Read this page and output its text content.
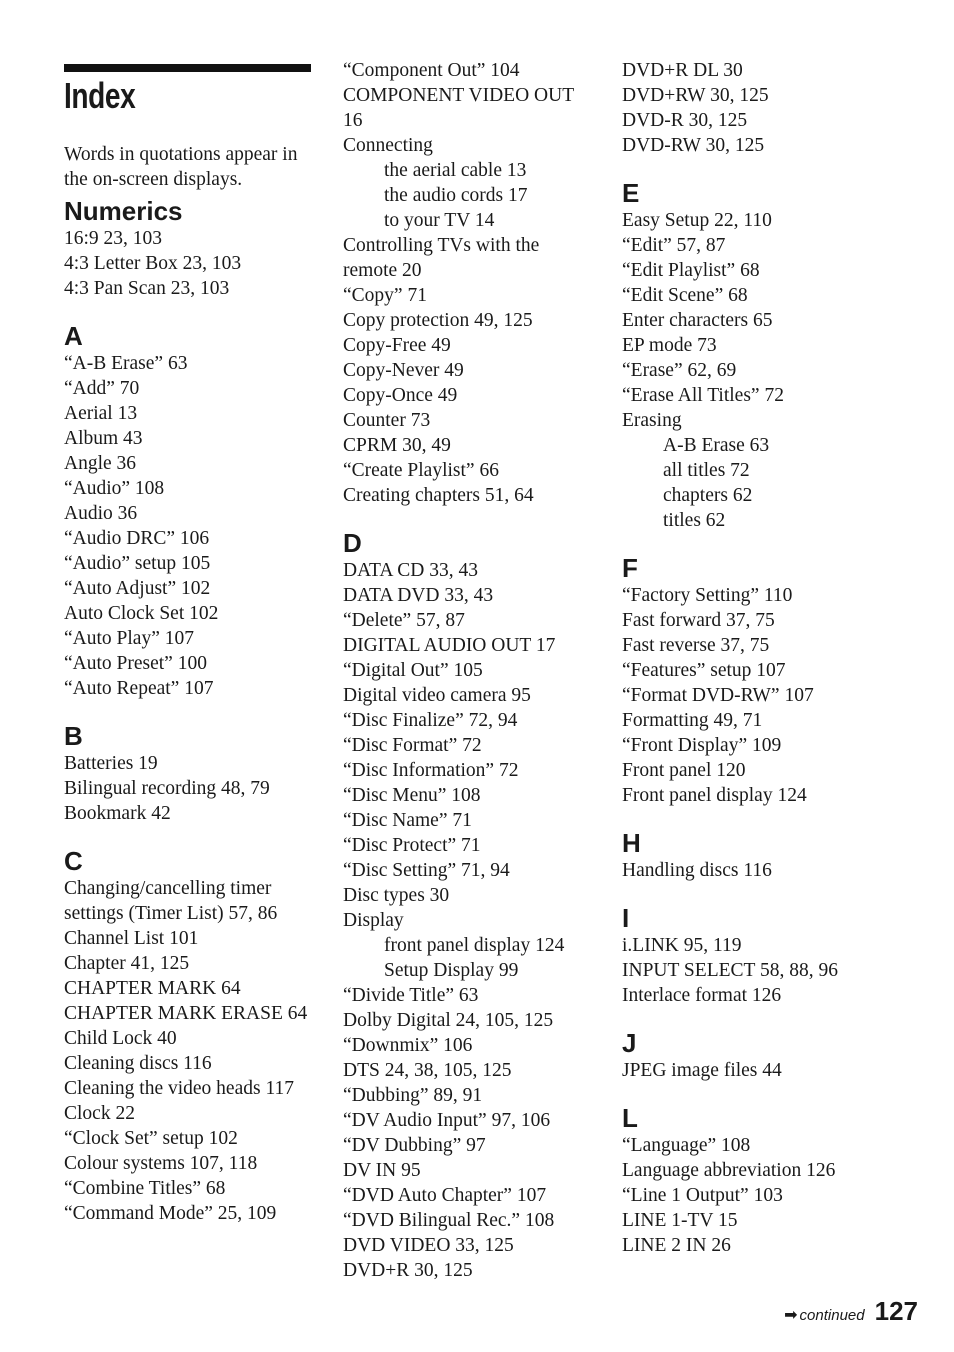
Index

Words in quotations appear in the on-screen displays.

Numerics
16:9 23, 103
4:3 Letter Box 23, 103
4:3 Pan Scan 23, 103
A
“A-B Erase” 63
“Add” 70
Aerial 13
Album 43
Angle 36
“Audio” 108
Audio 36
“Audio DRC” 106
“Audio” setup 105
“Auto Adjust” 102
Auto Clock Set 102
“Auto Play” 107
“Auto Preset” 100
“Auto Repeat” 107
B
Batteries 19
Bilingual recording 48, 79
Bookmark 42
C
Changing/cancelling timer settings (Timer List) 57, 86
Channel List 101
Chapter 41, 125
CHAPTER MARK 64
CHAPTER MARK ERASE 64
Child Lock 40
Cleaning discs 116
Cleaning the video heads 117
Clock 22
“Clock Set” setup 102
Colour systems 107, 118
“Combine Titles” 68
“Command Mode” 25, 109
“Component Out” 104
COMPONENT VIDEO OUT 16
Connecting
the aerial cable 13
the audio cords 17
to your TV 14
Controlling TVs with the remote 20
“Copy” 71
Copy protection 49, 125
Copy-Free 49
Copy-Never 49
Copy-Once 49
Counter 73
CPRM 30, 49
“Create Playlist” 66
Creating chapters 51, 64
D
DATA CD 33, 43
DATA DVD 33, 43
“Delete” 57, 87
DIGITAL AUDIO OUT 17
“Digital Out” 105
Digital video camera 95
“Disc Finalize” 72, 94
“Disc Format” 72
“Disc Information” 72
“Disc Menu” 108
“Disc Name” 71
“Disc Protect” 71
“Disc Setting” 71, 94
Disc types 30
Display
front panel display 124
Setup Display 99
“Divide Title” 63
Dolby Digital 24, 105, 125
“Downmix” 106
DTS 24, 38, 105, 125
“Dubbing” 89, 91
“DV Audio Input” 97, 106
“DV Dubbing” 97
DV IN 95
“DVD Auto Chapter” 107
“DVD Bilingual Rec.” 108
DVD VIDEO 33, 125
DVD+R 30, 125
DVD+R DL 30
DVD+RW 30, 125
DVD-R 30, 125
DVD-RW 30, 125
E
Easy Setup 22, 110
“Edit” 57, 87
“Edit Playlist” 68
“Edit Scene” 68
Enter characters 65
EP mode 73
“Erase” 62, 69
“Erase All Titles” 72
Erasing
A-B Erase 63
all titles 72
chapters 62
titles 62
F
“Factory Setting” 110
Fast forward 37, 75
Fast reverse 37, 75
“Features” setup 107
“Format DVD-RW” 107
Formatting 49, 71
“Front Display” 109
Front panel 120
Front panel display 124
H
Handling discs 116
I
i.LINK 95, 119
INPUT SELECT 58, 88, 96
Interlace format 126
J
JPEG image files 44
L
“Language” 108
Language abbreviation 126
“Line 1 Output” 103
LINE 1-TV 15
LINE 2 IN 26
➡ continued 127
